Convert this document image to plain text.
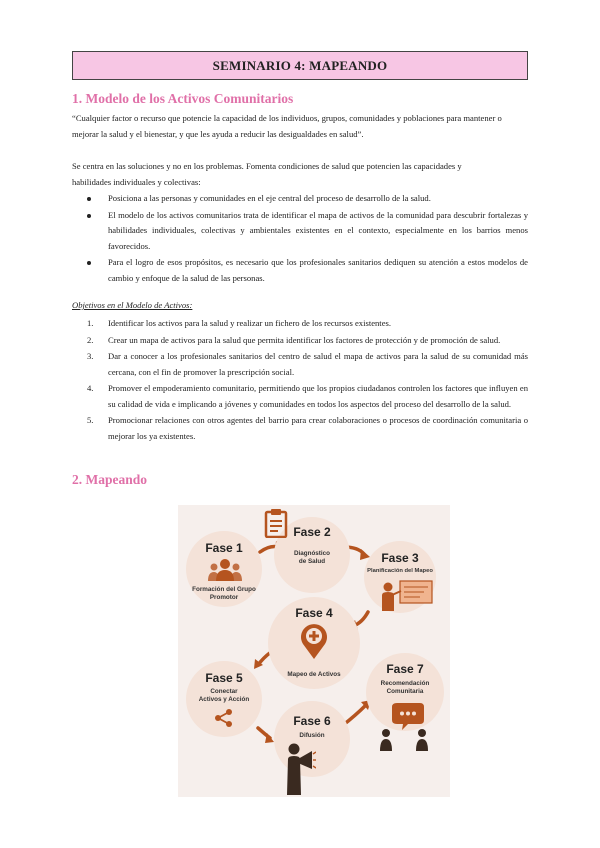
SEMINARIO 4: MAPEANDO
1. Modelo de los Activos Comunitarios
“Cualquier factor o recurso que potencie la capacidad de los individuos, grupos, comunidades y poblaciones para mantener o
mejorar la salud y el bienestar, y que les ayuda a reducir las desigualdades en salud”.
Se centra en las soluciones y no en los problemas. Fomenta condiciones de salud que potencien las capacidades y
habilidades individuales y colectivas:
Posiciona a las personas y comunidades en el eje central del proceso de desarrollo de la salud.
El modelo de los activos comunitarios trata de identificar el mapa de activos de la comunidad para descubrir fortalezas y habilidades individuales, colectivas y ambientales existentes en el contexto, especialmente en los barrios menos favorecidos.
Para el logro de esos propósitos, es necesario que los profesionales sanitarios dediquen su atención a estos modelos de cambio y enfoque de la salud de las personas.
Objetivos en el Modelo de Activos:
1. Identificar los activos para la salud y realizar un fichero de los recursos existentes.
2. Crear un mapa de activos para la salud que permita identificar los factores de protección y de promoción de salud.
3. Dar a conocer a los profesionales sanitarios del centro de salud el mapa de activos para la salud de su comunidad más cercana, con el fin de promover la prescripción social.
4. Promover el empoderamiento comunitario, permitiendo que los propios ciudadanos controlen los factores que influyen en su calidad de vida e implicando a jóvenes y comunidades en todos los aspectos del proceso del desarrollo de la salud.
5. Promocionar relaciones con otros agentes del barrio para crear colaboraciones o procesos de coordinación comunitaria o mejorar los ya existentes.
2. Mapeando
Fase 1
Formación del Grupo
Promotor
Fase 2
Diagnóstico
de Salud	Fase 3
Planificación del Mapeo
Fase 4
Mapeo de Activos
Fase 5
Conectar
Activos y Acción
Fase 6
Difusión
Fase 7
Recomendación
Comunitaria
